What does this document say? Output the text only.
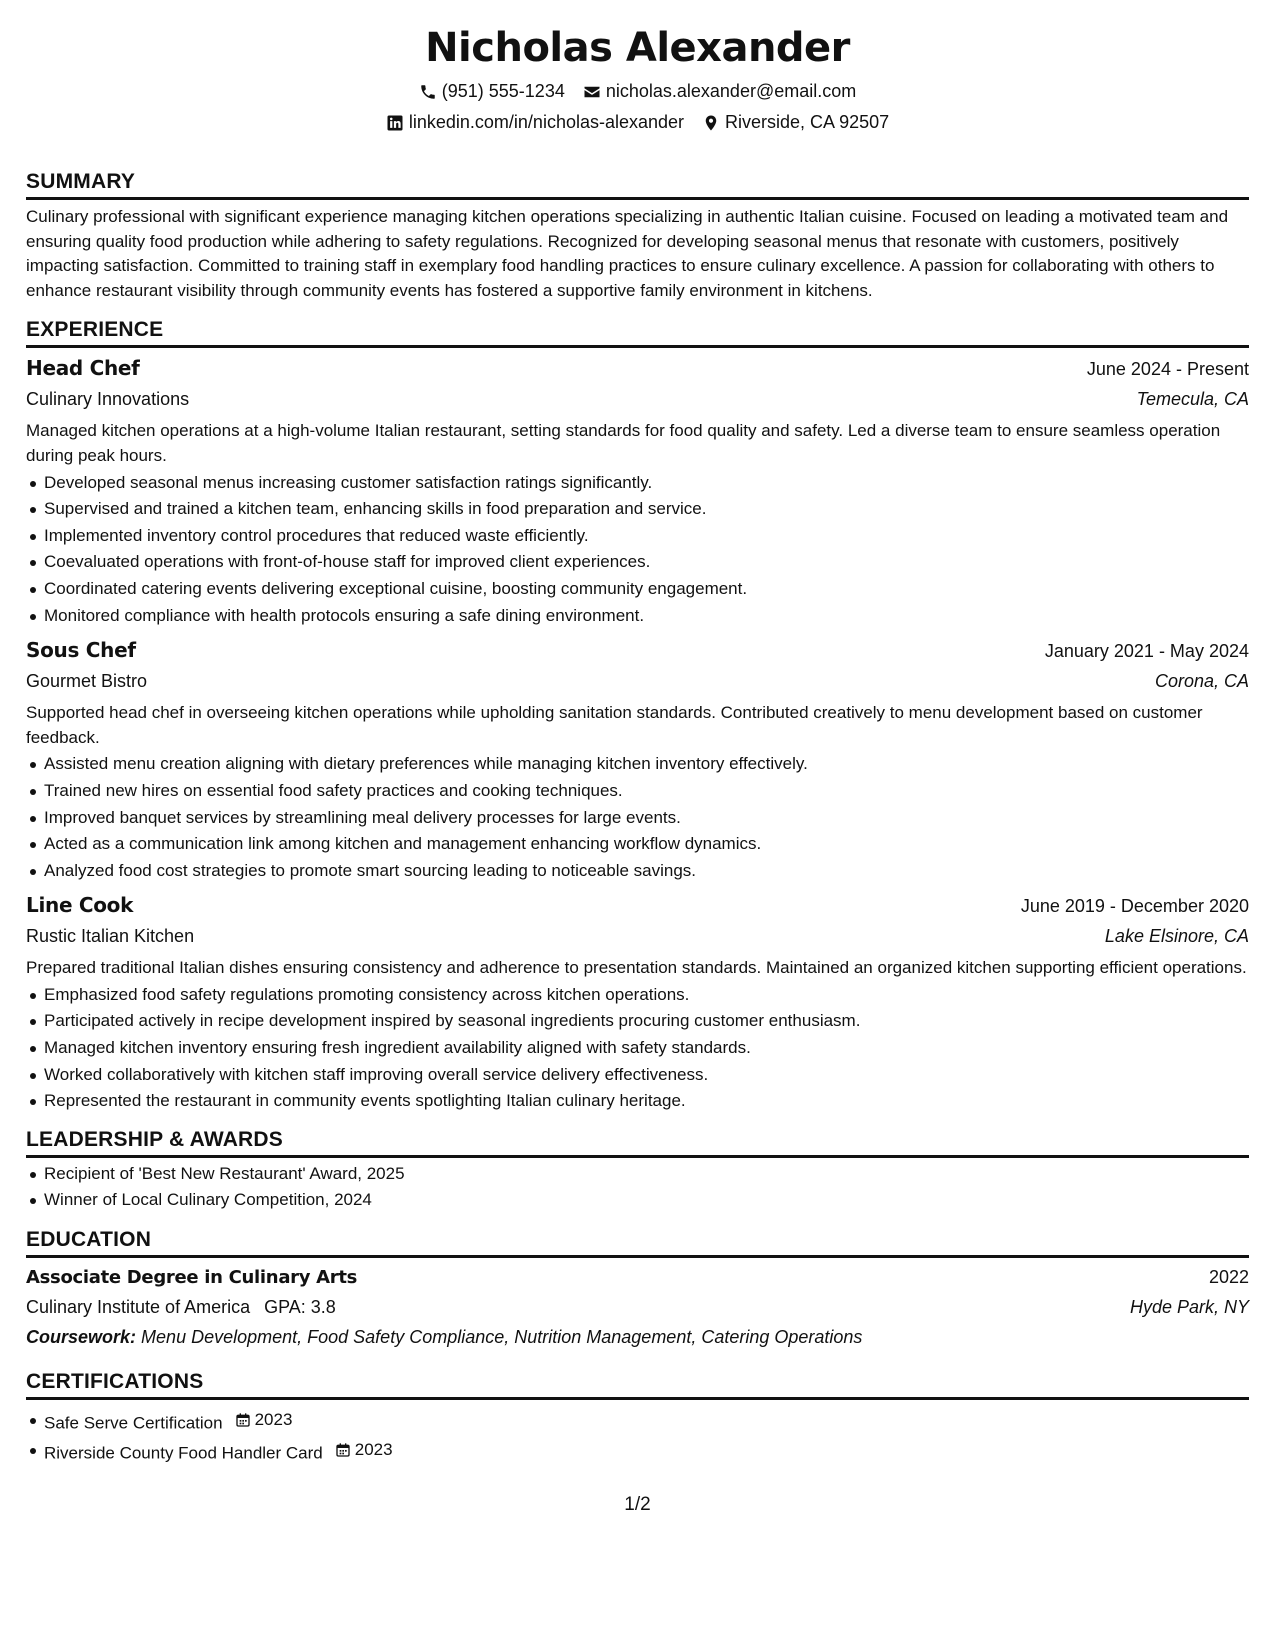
Nicholas Alexander
(951) 555-1234 nicholas.alexander@email.com
linkedin.com/in/nicholas-alexander Riverside, CA 92507
SUMMARY
Culinary professional with significant experience managing kitchen operations specializing in authentic Italian cuisine. Focused on leading a motivated team and ensuring quality food production while adhering to safety regulations. Recognized for developing seasonal menus that resonate with customers, positively impacting satisfaction. Committed to training staff in exemplary food handling practices to ensure culinary excellence. A passion for collaborating with others to enhance restaurant visibility through community events has fostered a supportive family environment in kitchens.
EXPERIENCE
Head Chef	June 2024 - Present
Culinary Innovations	Temecula, CA
Managed kitchen operations at a high-volume Italian restaurant, setting standards for food quality and safety. Led a diverse team to ensure seamless operation during peak hours.
Developed seasonal menus increasing customer satisfaction ratings significantly.
Supervised and trained a kitchen team, enhancing skills in food preparation and service.
Implemented inventory control procedures that reduced waste efficiently.
Coevaluated operations with front-of-house staff for improved client experiences.
Coordinated catering events delivering exceptional cuisine, boosting community engagement.
Monitored compliance with health protocols ensuring a safe dining environment.
Sous Chef	January 2021 - May 2024
Gourmet Bistro	Corona, CA
Supported head chef in overseeing kitchen operations while upholding sanitation standards. Contributed creatively to menu development based on customer feedback.
Assisted menu creation aligning with dietary preferences while managing kitchen inventory effectively.
Trained new hires on essential food safety practices and cooking techniques.
Improved banquet services by streamlining meal delivery processes for large events.
Acted as a communication link among kitchen and management enhancing workflow dynamics.
Analyzed food cost strategies to promote smart sourcing leading to noticeable savings.
Line Cook	June 2019 - December 2020
Rustic Italian Kitchen	Lake Elsinore, CA
Prepared traditional Italian dishes ensuring consistency and adherence to presentation standards. Maintained an organized kitchen supporting efficient operations.
Emphasized food safety regulations promoting consistency across kitchen operations.
Participated actively in recipe development inspired by seasonal ingredients procuring customer enthusiasm.
Managed kitchen inventory ensuring fresh ingredient availability aligned with safety standards.
Worked collaboratively with kitchen staff improving overall service delivery effectiveness.
Represented the restaurant in community events spotlighting Italian culinary heritage.
LEADERSHIP & AWARDS
Recipient of 'Best New Restaurant' Award, 2025
Winner of Local Culinary Competition, 2024
EDUCATION
Associate Degree in Culinary Arts	2022
Culinary Institute of America GPA: 3.8	Hyde Park, NY
Coursework: Menu Development, Food Safety Compliance, Nutrition Management, Catering Operations
CERTIFICATIONS
Safe Serve Certification 2023
Riverside County Food Handler Card 2023
1/2
